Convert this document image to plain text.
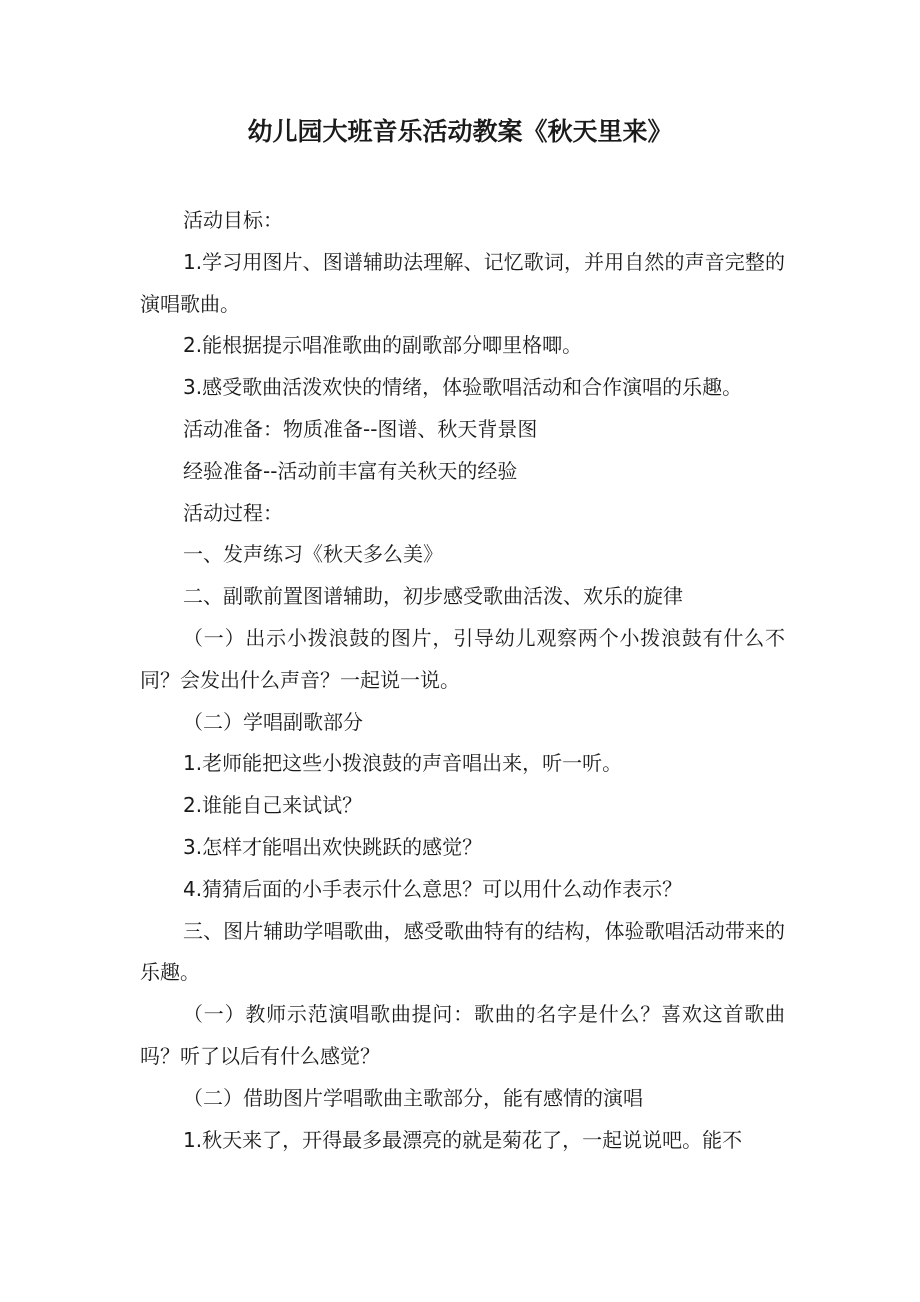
幼儿园大班音乐活动教案《秋天里来》

活动目标：

1.学习用图片、图谱辅助法理解、记忆歌词，并用自然的声音完整的演唱歌曲。

2.能根据提示唱准歌曲的副歌部分唧里格唧。

3.感受歌曲活泼欢快的情绪，体验歌唱活动和合作演唱的乐趣。

活动准备：物质准备--图谱、秋天背景图

经验准备--活动前丰富有关秋天的经验

活动过程：

一、发声练习《秋天多么美》

二、副歌前置图谱辅助，初步感受歌曲活泼、欢乐的旋律

（一）出示小拨浪鼓的图片，引导幼儿观察两个小拨浪鼓有什么不同？会发出什么声音？一起说一说。

（二）学唱副歌部分

1.老师能把这些小拨浪鼓的声音唱出来，听一听。

2.谁能自己来试试？

3.怎样才能唱出欢快跳跃的感觉？

4.猜猜后面的小手表示什么意思？可以用什么动作表示？

三、图片辅助学唱歌曲，感受歌曲特有的结构，体验歌唱活动带来的乐趣。

（一）教师示范演唱歌曲提问：歌曲的名字是什么？喜欢这首歌曲吗？听了以后有什么感觉？

（二）借助图片学唱歌曲主歌部分，能有感情的演唱

1.秋天来了，开得最多最漂亮的就是菊花了，一起说说吧。能不
